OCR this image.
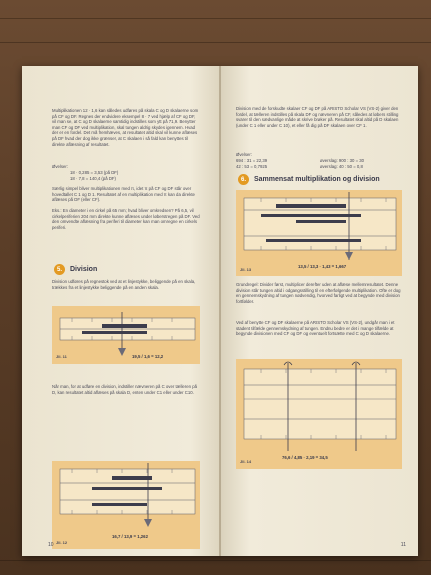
Multiplikationen 12 · 1,6 kan således udføres på skala C og D skalaerne som på CF og DF. Regnes der endvidere eksempel 8 · 7 ved hjælp af CF og DF, vil man se, at C og D skalaerne samtidig indstilles som ytt på 71,9. Benytter man CF og DF ved multiplikation, skal tungen aldrig skydes igennem. Hvad der er en fordel. Det må fremhæves, at resultatet altid skal vil kunne aflæses på DF hvad der dog ikke grænser, at C skalaen i så fald kan benyttes til direkte aflæsning af resultatet.

Øvelser:
18 · 0,285 = 3,53 (på DF)
18 · 7,8 = 140,4 (på DF)

Særlig simpel bliver multiplikationen med π, idet π på CF og DF står over hovedtallet C 1 og D 1. Resultatet af en multiplikation med π kan da direkte aflæses på DF (eller CF).

Eks.: En diameter i en cirkel på 65 mm; hvad bliver omkredsen? På 6,5, vil cirkelperiferien 204 mm direkte kunne aflæses under løberstregen på DF. Ved den omvendte aflæsning fra periferi til diameter kan man omregne en cirkels periferi.

5.	Division

Division udføres på regnestok ved at et linjestykke, beliggende på en skala, trækkes fra et linjestykke beliggende på en anden skala.

Jll. 11	19,5 / 1,6 = 12,2

Når man, for at udføre en division, indstiller nævneren på C over tælleren på D, kan resultatet altid aflæses på skala D, enten under C1 eller under C10.

Jll. 12
16,7 / 13,9 = 1,262
10

Division med de forskudte skalaer CF og DF på ARISTO Scholar VS (VS-2) giver den fordel, at tælleren indstilles på skala DF og nævneren på CF, således at løbers stilling svarer til den sædvanlige måde at skrive brøker på. Resultatet skal altid på D skalaen (under C 1 eller under C 10), et eller få dig på DF skalaen over CF 1.

Øvelser:
694 : 31 = 22,39
42 : 53 = 0,7925
øverslag: 900 : 30 = 30
øverslag: 40 : 50 = 0,8
6.	Sammensat multiplikation og division
Jll. 13
13,5 / 13,3 · 1,43 = 1,667

Grundregel: Divider først, multiplicer derefter uden at aflæse mellemresultatet. Denne division står tungen altid i odgangsstilling til en efterfølgende multiplikation. Ofte er dog en gennemskydning af tungen nødvendig, hvorved farligt ved at begynde med division fortfølder.

Ved af benytte CF og DF skalaerne på ARISTO Scholar VS (VS-2), undgår man i et stadent tilfælde gennemskydning af tungen. Endnu bedre er det i mange tilfælde at begynde divisionen med CF og DF og eventuelt fortsætte med C og D skalaerne.

Jll. 14
76,6 / 4,85 · 2,19 = 34,5
11
